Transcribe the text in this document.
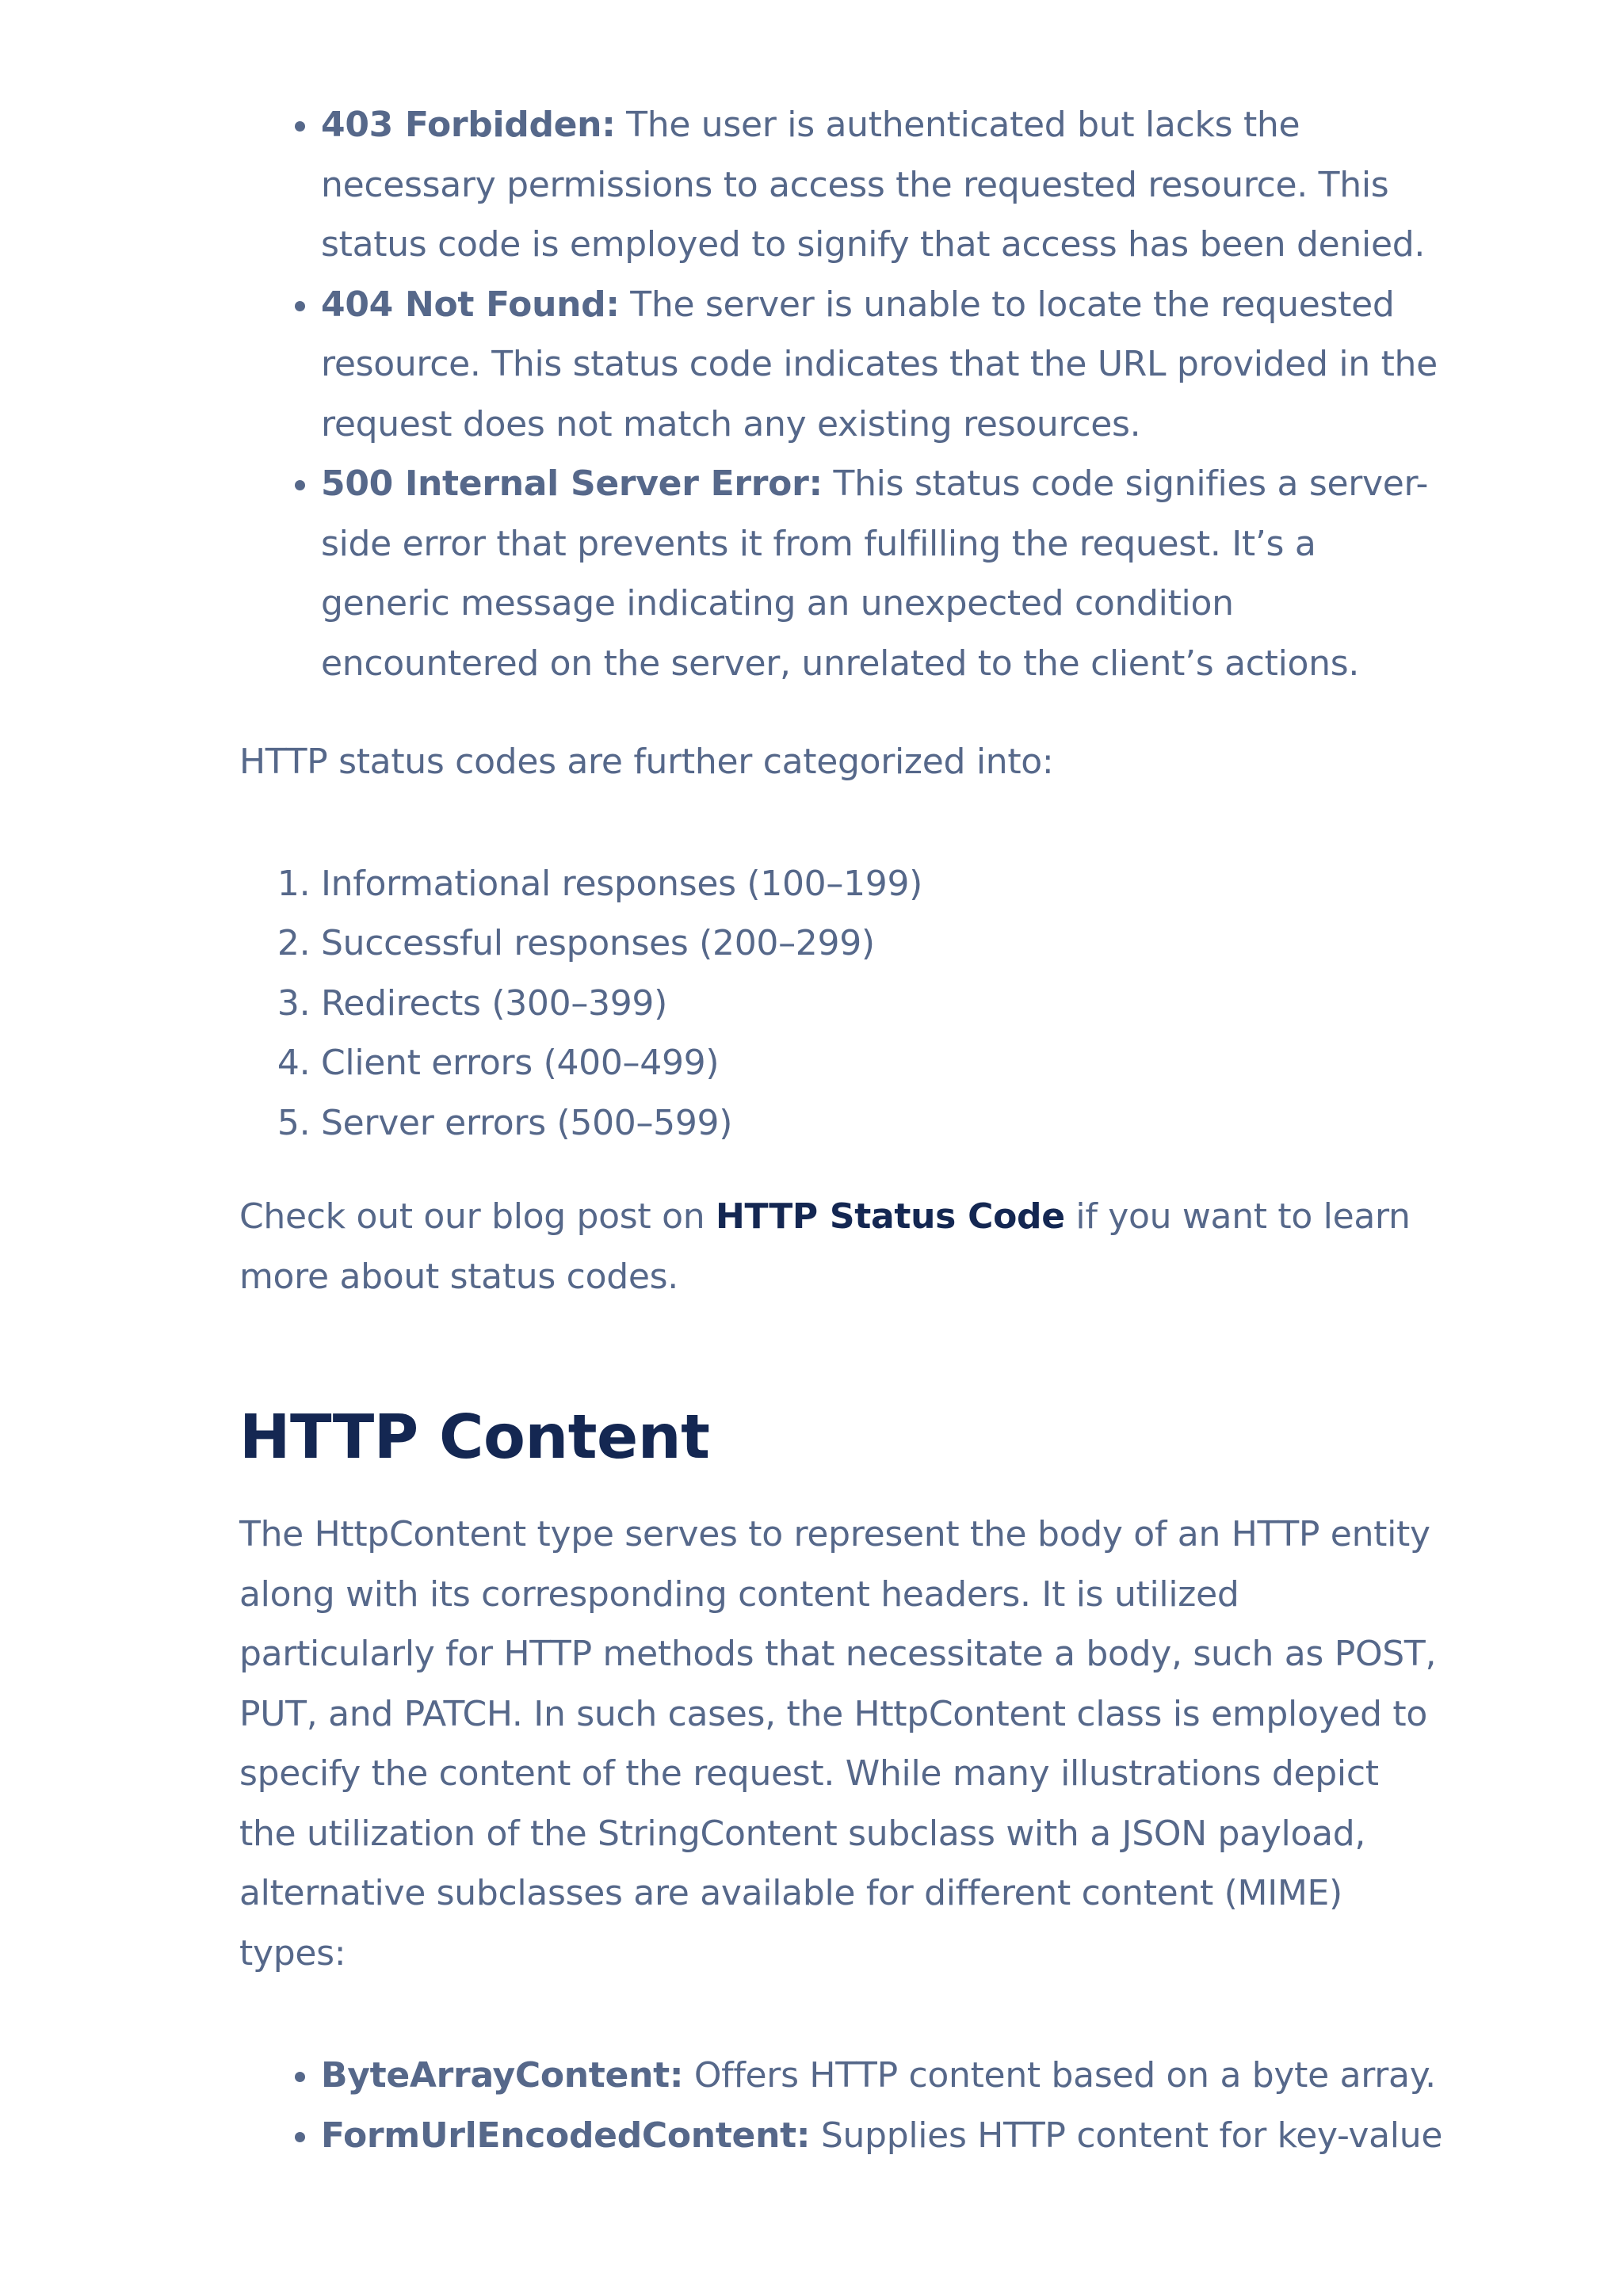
• 403 Forbidden: The user is authenticated but lacks the necessary permissions to access the requested resource. This status code is employed to signify that access has been denied.
• 404 Not Found: The server is unable to locate the requested resource. This status code indicates that the URL provided in the request does not match any existing resources.
• 500 Internal Server Error: This status code signifies a server-side error that prevents it from fulfilling the request. It’s a generic message indicating an unexpected condition encountered on the server, unrelated to the client’s actions.

HTTP status codes are further categorized into:

1. Informational responses (100–199)
2. Successful responses (200–299)
3. Redirects (300–399)
4. Client errors (400–499)
5. Server errors (500–599)

Check out our blog post on HTTP Status Code if you want to learn more about status codes.

HTTP Content

The HttpContent type serves to represent the body of an HTTP entity along with its corresponding content headers. It is utilized particularly for HTTP methods that necessitate a body, such as POST, PUT, and PATCH. In such cases, the HttpContent class is employed to specify the content of the request. While many illustrations depict the utilization of the StringContent subclass with a JSON payload, alternative subclasses are available for different content (MIME) types:

• ByteArrayContent: Offers HTTP content based on a byte array.
• FormUrlEncodedContent: Supplies HTTP content for key-value
